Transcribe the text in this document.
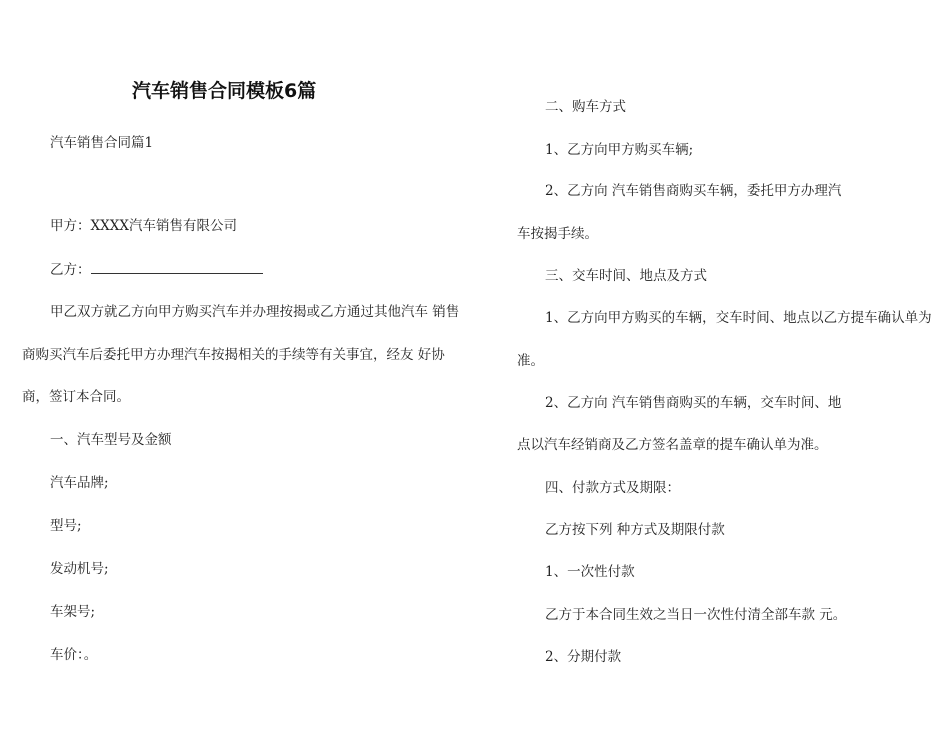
汽车销售合同模板6篇
汽车销售合同篇1
甲方：XXXX汽车销售有限公司
乙方：
甲乙双方就乙方向甲方购买汽车并办理按揭或乙方通过其他汽车 销售
商购买汽车后委托甲方办理汽车按揭相关的手续等有关事宜，经友 好协
商，签订本合同。
一、汽车型号及金额
汽车品牌;
型号;
发动机号;
车架号;
车价：。
二、购车方式
1、乙方向甲方购买车辆;
2、乙方向 汽车销售商购买车辆，委托甲方办理汽
车按揭手续。
三、交车时间、地点及方式
1、乙方向甲方购买的车辆，交车时间、地点以乙方提车确认单为
准。
2、乙方向 汽车销售商购买的车辆，交车时间、地
点以汽车经销商及乙方签名盖章的提车确认单为准。
四、付款方式及期限：
乙方按下列 种方式及期限付款
1、一次性付款
乙方于本合同生效之当日一次性付清全部车款 元。
2、分期付款
